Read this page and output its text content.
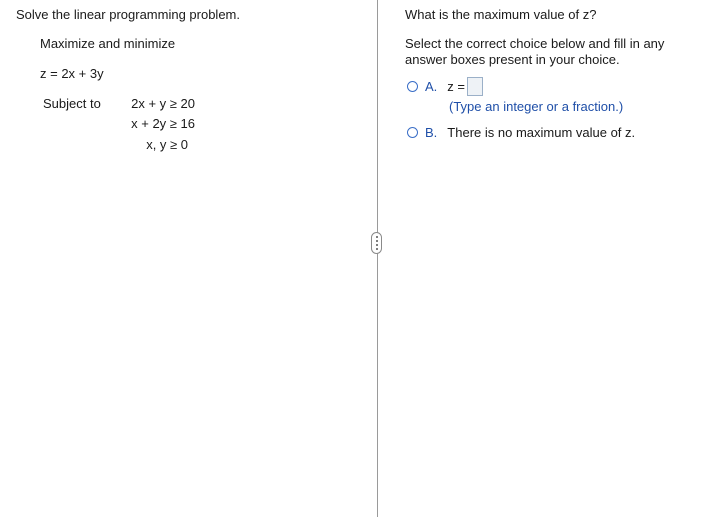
Solve the linear programming problem.
Maximize and minimize
z = 2x + 3y
Subject to	2x + y ≥ 20
x + 2y ≥ 16
x, y ≥ 0
What is the maximum value of z?
Select the correct choice below and fill in any answer boxes present in your choice.
A. z =
(Type an integer or a fraction.)
B. There is no maximum value of z.
